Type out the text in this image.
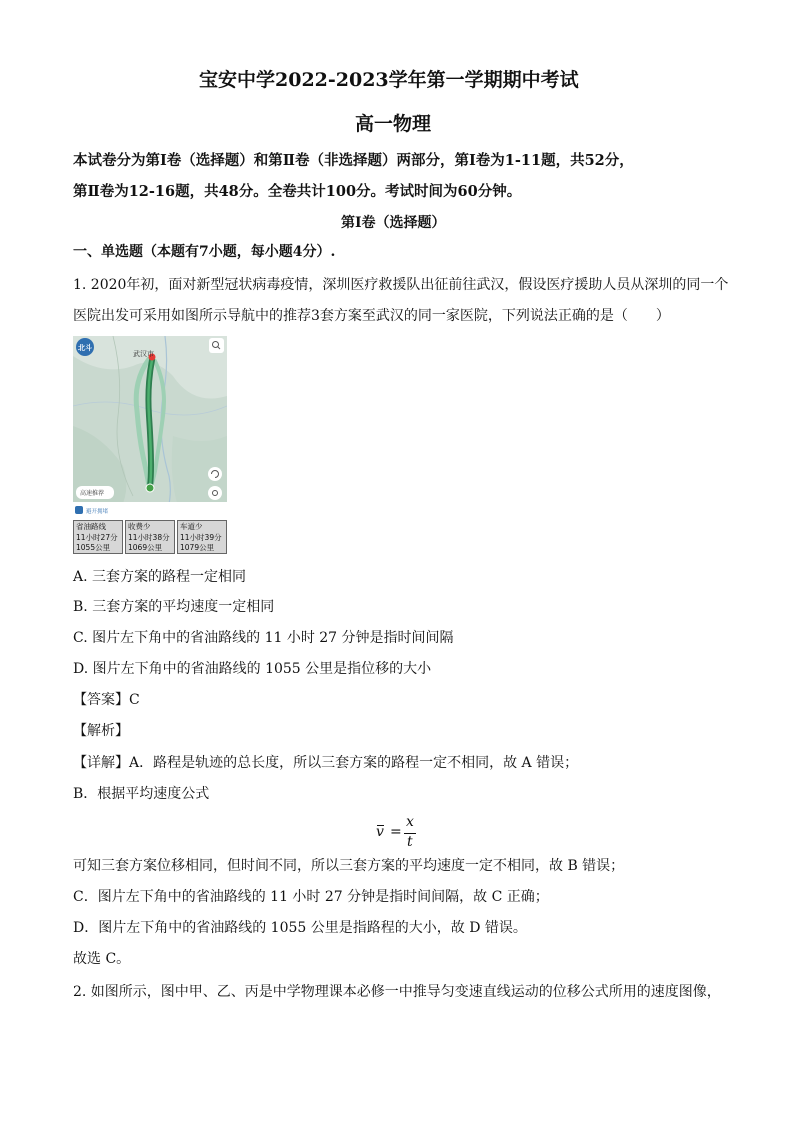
宝安中学2022-2023学年第一学期期中考试
高一物理
本试卷分为第Ⅰ卷（选择题）和第Ⅱ卷（非选择题）两部分，第Ⅰ卷为1-11题，共52分，
第Ⅱ卷为12-16题，共48分。全卷共计100分。考试时间为60分钟。
第Ⅰ卷（选择题）
一、单选题（本题有7小题，每小题4分）.
1. 2020年初，面对新型冠状病毒疫情，深圳医疗救援队出征前往武汉，假设医疗援助人员从深圳的同一个
医院出发可采用如图所示导航中的推荐3套方案至武汉的同一家医院，下列说法正确的是（　　）
北斗
武汉市
高速推荐
避开拥堵
省油路线
11小时27分
1055公里
收费少
11小时38分
1069公里
车道少
11小时39分
1079公里
A. 三套方案的路程一定相同
B. 三套方案的平均速度一定相同
C. 图片左下角中的省油路线的 11 小时 27 分钟是指时间间隔
D. 图片左下角中的省油路线的 1055 公里是指位移的大小
【答案】C
【解析】
【详解】A．路程是轨迹的总长度，所以三套方案的路程一定不相同，故 A 错误；
B．根据平均速度公式
v =
x
t
可知三套方案位移相同，但时间不同，所以三套方案的平均速度一定不相同，故 B 错误；
C．图片左下角中的省油路线的 11 小时 27 分钟是指时间间隔，故 C 正确；
D．图片左下角中的省油路线的 1055 公里是指路程的大小，故 D 错误。
故选 C。
2. 如图所示，图中甲、乙、丙是中学物理课本必修一中推导匀变速直线运动的位移公式所用的速度图像，
